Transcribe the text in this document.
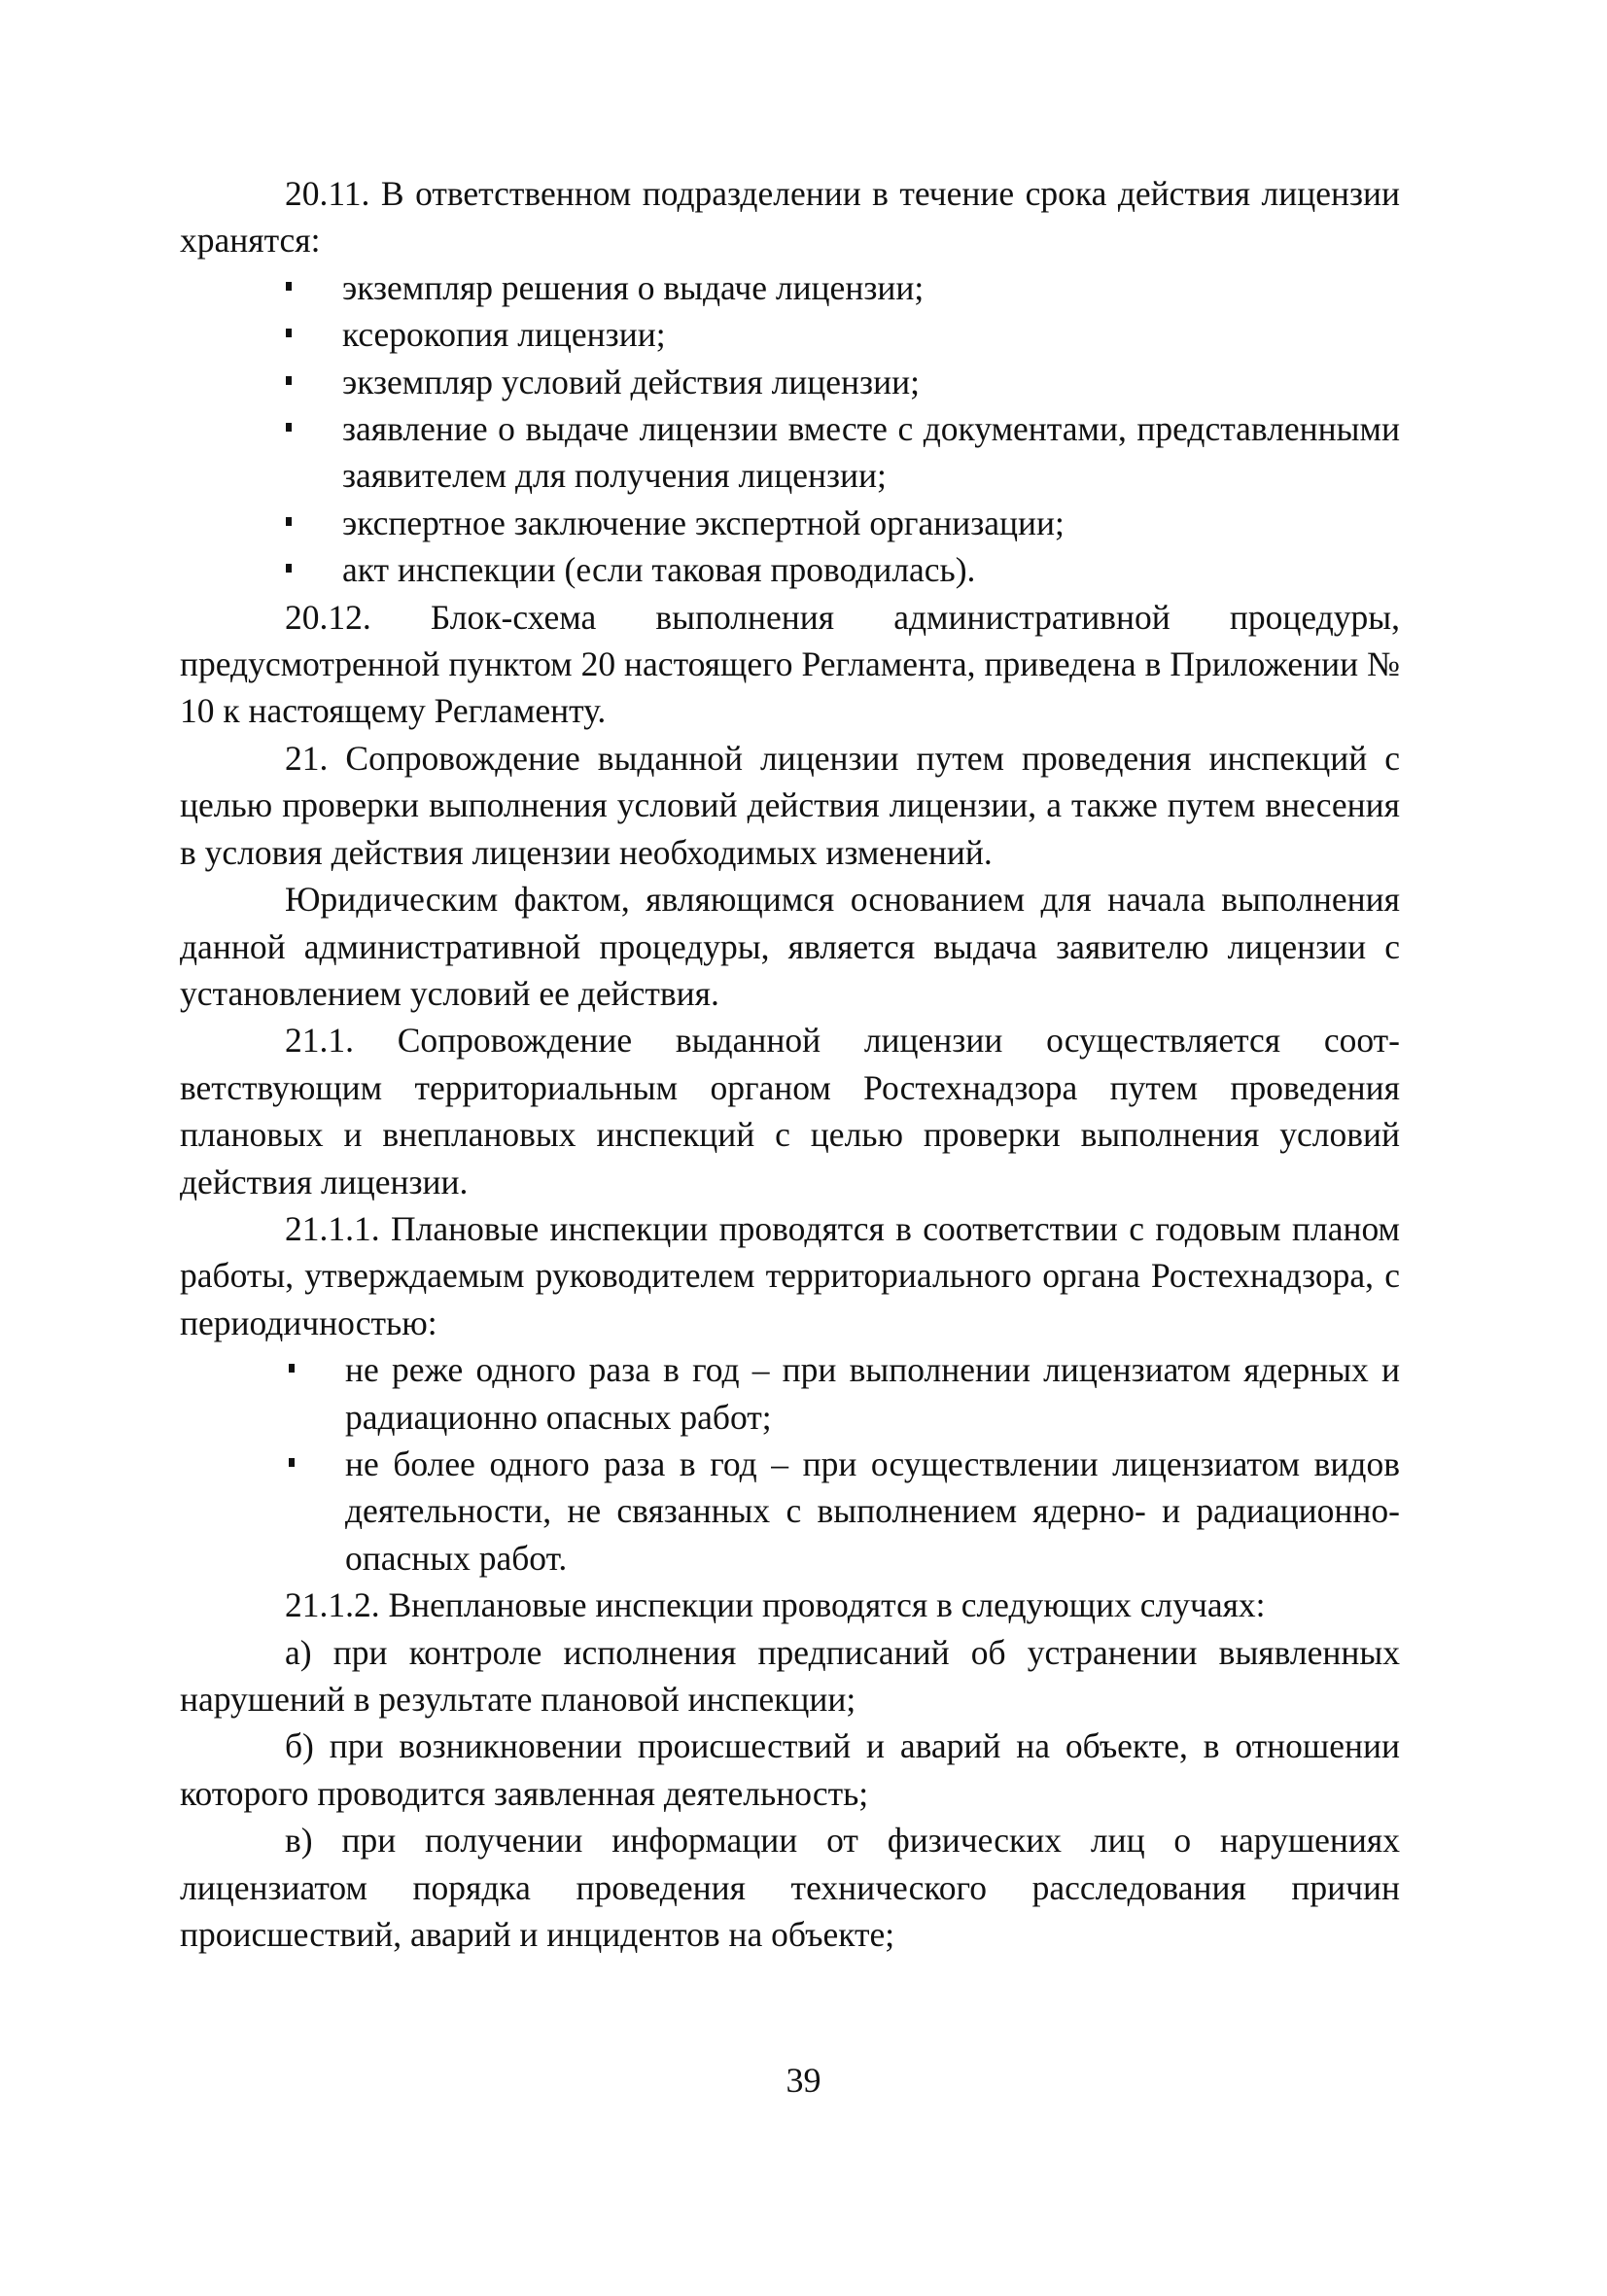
20.11. В ответственном подразделении в течение срока действия лицензии хранятся:

экземпляр решения о выдаче лицензии;
ксерокопия лицензии;
экземпляр условий действия лицензии;
заявление о выдаче лицензии вместе с документами, представленными заявителем для получения лицензии;
экспертное заключение экспертной организации;
акт инспекции (если таковая проводилась).

20.12. Блок-схема выполнения административной процедуры, предусмотренной пунктом 20 настоящего Регламента, приведена в Приложении № 10 к настоящему Регламенту.

21. Сопровождение выданной лицензии путем проведения инспекций с целью проверки выполнения условий действия лицензии, а также путем внесения в условия действия лицензии необходимых изменений.

Юридическим фактом, являющимся основанием для начала выполнения данной административной процедуры, является выдача заявителю лицензии с установлением условий ее действия.

21.1. Сопровождение выданной лицензии осуществляется соответствующим территориальным органом Ростехнадзора путем проведения плановых и внеплановых инспекций с целью проверки выполнения условий действия лицензии.

21.1.1. Плановые инспекции проводятся в соответствии с годовым планом работы, утверждаемым руководителем территориального органа Ростехнадзора, с периодичностью:

не реже одного раза в год – при выполнении лицензиатом ядерных и радиационно опасных работ;
не более одного раза в год – при осуществлении лицензиатом видов деятельности, не связанных с выполнением ядерно- и радиационно-опасных работ.

21.1.2. Внеплановые инспекции проводятся в следующих случаях:

а) при контроле исполнения предписаний об устранении выявленных нарушений в результате плановой инспекции;

б) при возникновении происшествий и аварий на объекте, в отношении которого проводится заявленная деятельность;

в) при получении информации от физических лиц о нарушениях лицензиатом порядка проведения технического расследования причин происшествий, аварий и инцидентов на объекте;

39
